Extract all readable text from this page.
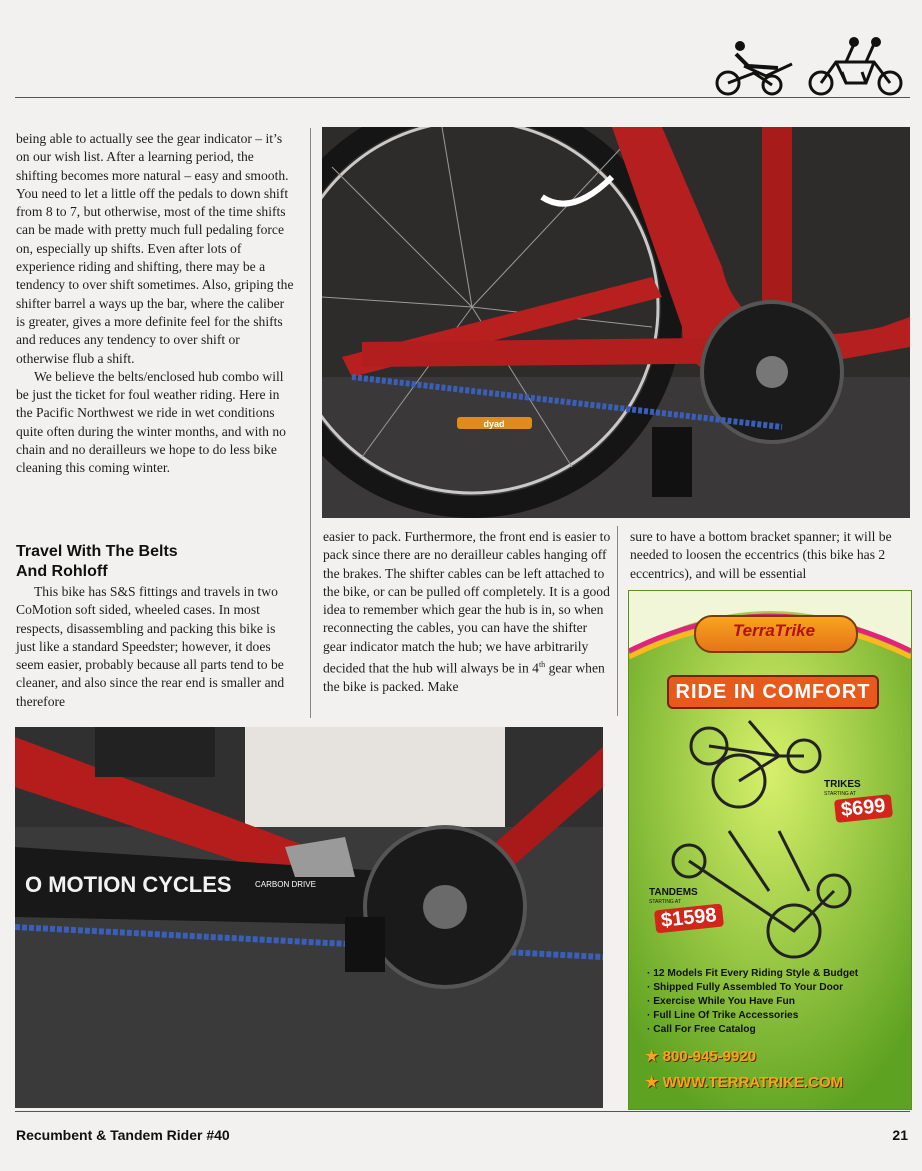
being able to actually see the gear indicator – it’s on our wish list. After a learning period, the shifting becomes more natural – easy and smooth. You need to let a little off the pedals to down shift from 8 to 7, but otherwise, most of the time shifts can be made with pretty much full pedaling force on, especially up shifts. Even after lots of experience riding and shifting, there may be a tendency to over shift sometimes. Also, griping the shifter barrel a ways up the bar, where the caliber is greater, gives a more definite feel for the shifts and reduces any tendency to over shift or otherwise flub a shift.

We believe the belts/enclosed hub combo will be just the ticket for foul weather riding. Here in the Pacific Northwest we ride in wet conditions quite often during the winter months, and with no chain and no derailleurs we hope to do less bike cleaning this coming winter.

Travel With The Belts
And Rohloff

This bike has S&S fittings and travels in two CoMotion soft sided, wheeled cases. In most respects, disassembling and packing this bike is just like a standard Speedster; however, it does seem easier, probably because all parts tend to be cleaner, and also since the rear end is smaller and therefore

dyad

easier to pack. Furthermore, the front end is easier to pack since there are no derailleur cables hanging off the brakes. The shifter cables can be left attached to the bike, or can be pulled off completely. It is a good idea to remember which gear the hub is in, so when reconnecting the cables, you can have the shifter gear indicator match the hub; we have arbitrarily decided that the hub will always be in 4th gear when the bike is packed. Make

sure to have a bottom bracket spanner; it will be needed to loosen the eccentrics (this bike has 2 eccentrics), and will be essential

O MOTION CYCLES	CARBON DRIVE
TerraTrike
RIDE IN COMFORT
TRIKES
STARTING AT
$699
TANDEMS
STARTING AT
$1598
· 12 Models Fit Every Riding Style & Budget
· Shipped Fully Assembled To Your Door
· Exercise While You Have Fun
· Full Line Of Trike Accessories
· Call For Free Catalog
★ 800-945-9920
★ WWW.TERRATRIKE.COM
Recumbent & Tandem Rider #40	21
